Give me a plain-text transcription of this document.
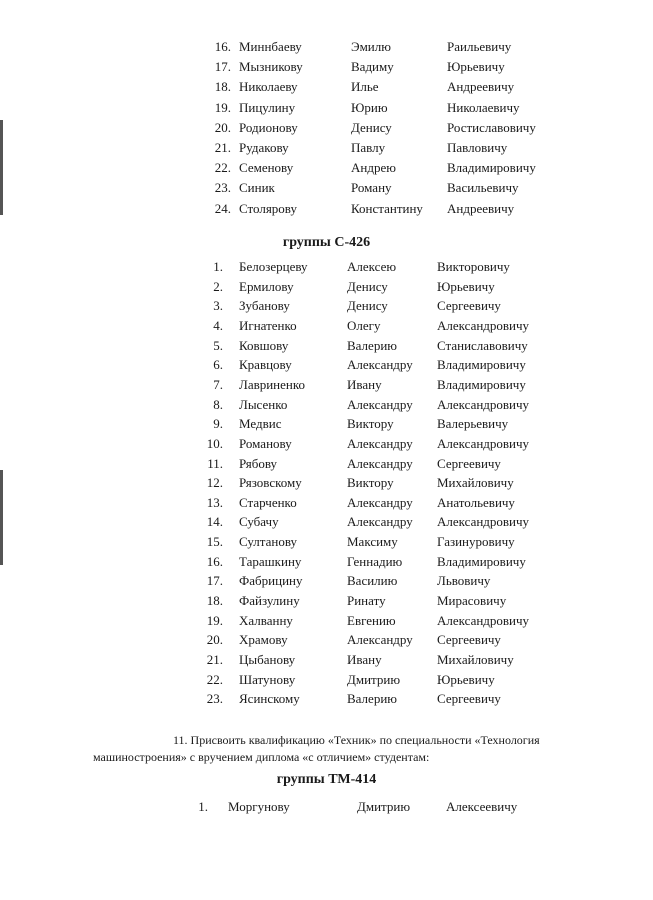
16. Миннбаеву	Эмилю	Раильевичу
17. Мызникову	Вадиму	Юрьевичу
18. Николаеву	Илье	Андреевичу
19. Пицулину	Юрию	Николаевичу
20. Родионову	Денису	Ростиславовичу
21. Рудакову	Павлу	Павловичу
22. Семенову	Андрею	Владимировичу
23. Синик	Роману	Васильевичу
24. Столярову	Константину Андреевичу
группы С-426
1. Белозерцеву	Алексею	Викторовичу
2. Ермилову	Денису	Юрьевичу
3. Зубанову	Денису	Сергеевичу
4. Игнатенко	Олегу	Александровичу
5. Ковшову	Валерию	Станиславовичу
6. Кравцову	Александру Владимировичу
7. Лавриненко	Ивану	Владимировичу
8. Лысенко	Александру Александровичу
9. Медвис	Виктору	Валерьевичу
10. Романову	Александру Александровичу
11. Рябову	Александру Сергеевичу
12. Рязовскому	Виктору	Михайловичу
13. Старченко	Александру Анатольевичу
14. Субачу	Александру Александровичу
15. Султанову	Максиму	Газинуровичу
16. Тарашкину	Геннадию	Владимировичу
17. Фабрицину	Василию	Львовичу
18. Файзулину	Ринату	Мирасовичу
19. Халванну	Евгению	Александровичу
20. Храмову	Александру Сергеевичу
21. Цыбанову	Ивану	Михайловичу
22. Шатунову	Дмитрию	Юрьевичу
23. Ясинскому	Валерию	Сергеевичу
11. Присвоить квалификацию «Техник» по специальности «Технология
машиностроения» с вручением диплома «с отличием» студентам:
группы ТМ-414
1. Моргунову	Дмитрию	Алексеевичу
